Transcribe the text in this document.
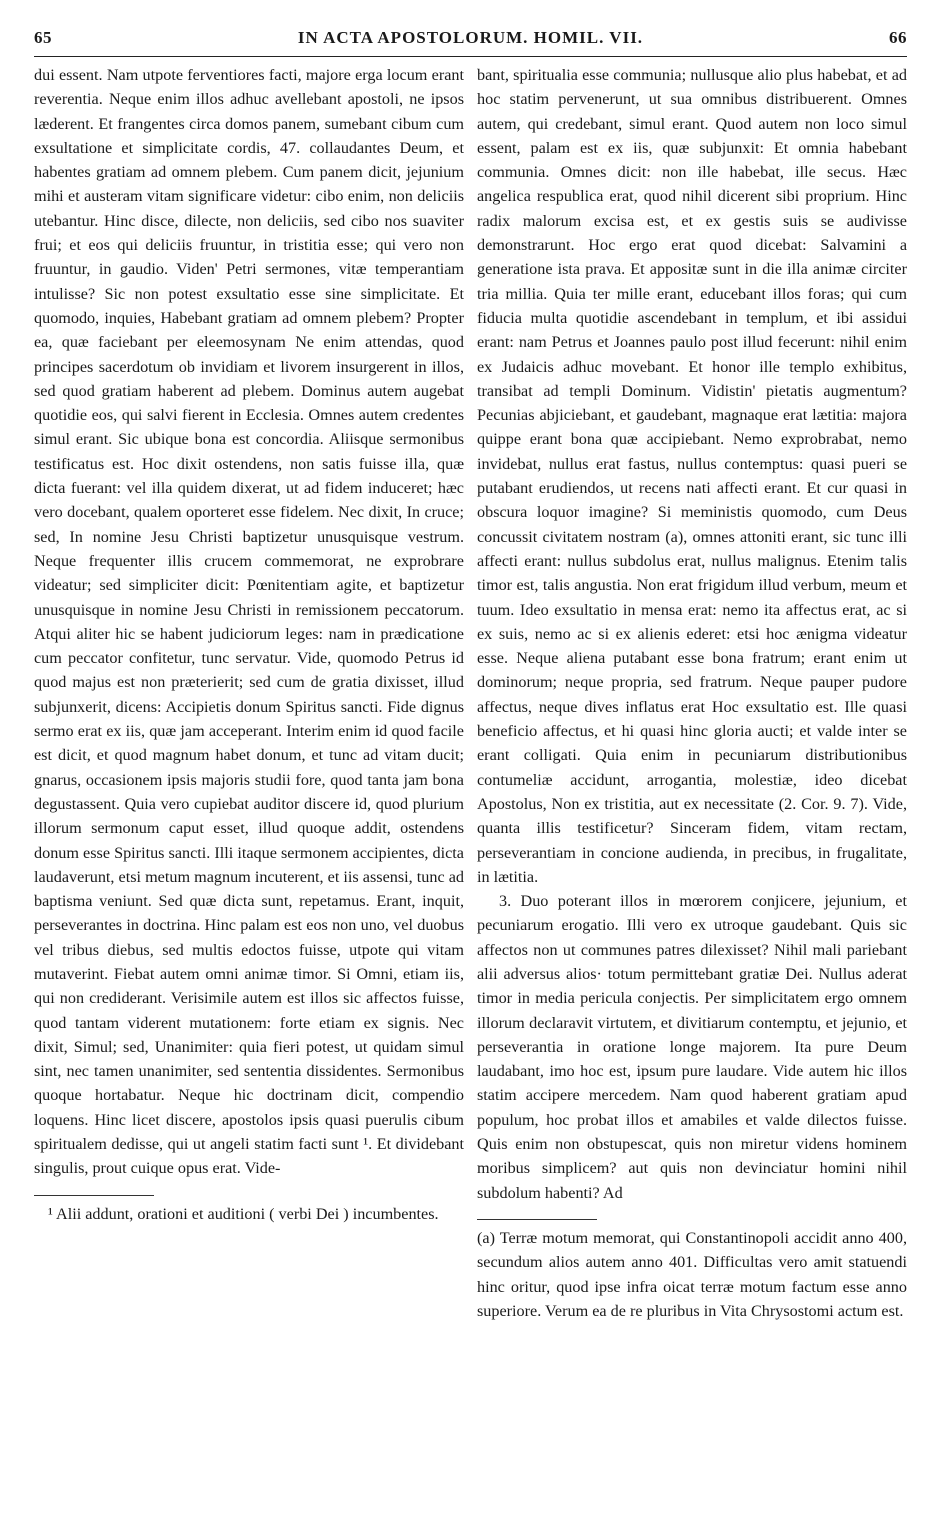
65	IN ACTA APOSTOLORUM. HOMIL. VII.	66

dui essent. Nam utpote ferventiores facti, majore erga locum erant reverentia. Neque enim illos adhuc avellebant apostoli, ne ipsos læderent. Et frangentes circa domos panem, sumebant cibum cum exsultatione et simplicitate cordis, 47. collaudantes Deum, et habentes gratiam ad omnem plebem. Cum panem dicit, jejunium mihi et austeram vitam significare videtur: cibo enim, non deliciis utebantur. Hinc disce, dilecte, non deliciis, sed cibo nos suaviter frui; et eos qui deliciis fruuntur, in tristitia esse; qui vero non fruuntur, in gaudio. Viden' Petri sermones, vitæ temperantiam intulisse? Sic non potest exsultatio esse sine simplicitate. Et quomodo, inquies, Habebant gratiam ad omnem plebem? Propter ea, quæ faciebant per eleemosynam Ne enim attendas, quod principes sacerdotum ob invidiam et livorem insurgerent in illos, sed quod gratiam haberent ad plebem. Dominus autem augebat quotidie eos, qui salvi fierent in Ecclesia. Omnes autem credentes simul erant. Sic ubique bona est concordia. Aliisque sermonibus testificatus est. Hoc dixit ostendens, non satis fuisse illa, quæ dicta fuerant: vel illa quidem dixerat, ut ad fidem induceret; hæc vero docebant, qualem oporteret esse fidelem. Nec dixit, In cruce; sed, In nomine Jesu Christi baptizetur unusquisque vestrum. Neque frequenter illis crucem commemorat, ne exprobrare videatur; sed simpliciter dicit: Pœnitentiam agite, et baptizetur unusquisque in nomine Jesu Christi in remissionem peccatorum. Atqui aliter hic se habent judiciorum leges: nam in prædicatione cum peccator confitetur, tunc servatur. Vide, quomodo Petrus id quod majus est non præterierit; sed cum de gratia dixisset, illud subjunxerit, dicens: Accipietis donum Spiritus sancti. Fide dignus sermo erat ex iis, quæ jam acceperant. Interim enim id quod facile est dicit, et quod magnum habet donum, et tunc ad vitam ducit; gnarus, occasionem ipsis majoris studii fore, quod tanta jam bona degustassent. Quia vero cupiebat auditor discere id, quod plurium illorum sermonum caput esset, illud quoque addit, ostendens donum esse Spiritus sancti. Illi itaque sermonem accipientes, dicta laudaverunt, etsi metum magnum incuterent, et iis assensi, tunc ad baptisma veniunt. Sed quæ dicta sunt, repetamus. Erant, inquit, perseverantes in doctrina. Hinc palam est eos non uno, vel duobus vel tribus diebus, sed multis edoctos fuisse, utpote qui vitam mutaverint. Fiebat autem omni animæ timor. Si Omni, etiam iis, qui non crediderant. Verisimile autem est illos sic affectos fuisse, quod tantam viderent mutationem: forte etiam ex signis. Nec dixit, Simul; sed, Unanimiter: quia fieri potest, ut quidam simul sint, nec tamen unanimiter, sed sententia dissidentes. Sermonibus quoque hortabatur. Neque hic doctrinam dicit, compendio loquens. Hinc licet discere, apostolos ipsis quasi puerulis cibum spiritualem dedisse, qui ut angeli statim facti sunt ¹. Et dividebant singulis, prout cuique opus erat. Vide-

¹ Alii addunt, orationi et auditioni ( verbi Dei ) incumbentes.

bant, spiritualia esse communia; nullusque alio plus habebat, et ad hoc statim pervenerunt, ut sua omnibus distribuerent. Omnes autem, qui credebant, simul erant. Quod autem non loco simul essent, palam est ex iis, quæ subjunxit: Et omnia habebant communia. Omnes dicit: non ille habebat, ille secus. Hæc angelica respublica erat, quod nihil dicerent sibi proprium. Hinc radix malorum excisa est, et ex gestis suis se audivisse demonstrarunt. Hoc ergo erat quod dicebat: Salvamini a generatione ista prava. Et appositæ sunt in die illa animæ circiter tria millia. Quia ter mille erant, educebant illos foras; qui cum fiducia multa quotidie ascendebant in templum, et ibi assidui erant: nam Petrus et Joannes paulo post illud fecerunt: nihil enim ex Judaicis adhuc movebant. Et honor ille templo exhibitus, transibat ad templi Dominum. Vidistin' pietatis augmentum? Pecunias abjiciebant, et gaudebant, magnaque erat lætitia: majora quippe erant bona quæ accipiebant. Nemo exprobrabat, nemo invidebat, nullus erat fastus, nullus contemptus: quasi pueri se putabant erudiendos, ut recens nati affecti erant. Et cur quasi in obscura loquor imagine? Si meministis quomodo, cum Deus concussit civitatem nostram (a), omnes attoniti erant, sic tunc illi affecti erant: nullus subdolus erat, nullus malignus. Etenim talis timor est, talis angustia. Non erat frigidum illud verbum, meum et tuum. Ideo exsultatio in mensa erat: nemo ita affectus erat, ac si ex suis, nemo ac si ex alienis ederet: etsi hoc ænigma videatur esse. Neque aliena putabant esse bona fratrum; erant enim ut dominorum; neque propria, sed fratrum. Neque pauper pudore affectus, neque dives inflatus erat Hoc exsultatio est. Ille quasi beneficio affectus, et hi quasi hinc gloria aucti; et valde inter se erant colligati. Quia enim in pecuniarum distributionibus contumeliæ accidunt, arrogantia, molestiæ, ideo dicebat Apostolus, Non ex tristitia, aut ex necessitate (2. Cor. 9. 7). Vide, quanta illis testificetur? Sinceram fidem, vitam rectam, perseverantiam in concione audienda, in precibus, in frugalitate, in lætitia.

3. Duo poterant illos in mœrorem conjicere, jejunium, et pecuniarum erogatio. Illi vero ex utroque gaudebant. Quis sic affectos non ut communes patres dilexisset? Nihil mali pariebant alii adversus alios· totum permittebant gratiæ Dei. Nullus aderat timor in media pericula conjectis. Per simplicitatem ergo omnem illorum declaravit virtutem, et divitiarum contemptu, et jejunio, et perseverantia in oratione longe majorem. Ita pure Deum laudabant, imo hoc est, ipsum pure laudare. Vide autem hic illos statim accipere mercedem. Nam quod haberent gratiam apud populum, hoc probat illos et amabiles et valde dilectos fuisse. Quis enim non obstupescat, quis non miretur videns hominem moribus simplicem? aut quis non devinciatur homini nihil subdolum habenti? Ad

(a) Terræ motum memorat, qui Constantinopoli accidit anno 400, secundum alios autem anno 401. Difficultas vero amit statuendi hinc oritur, quod ipse infra oicat terræ motum factum esse anno superiore. Verum ea de re pluribus in Vita Chrysostomi actum est.
